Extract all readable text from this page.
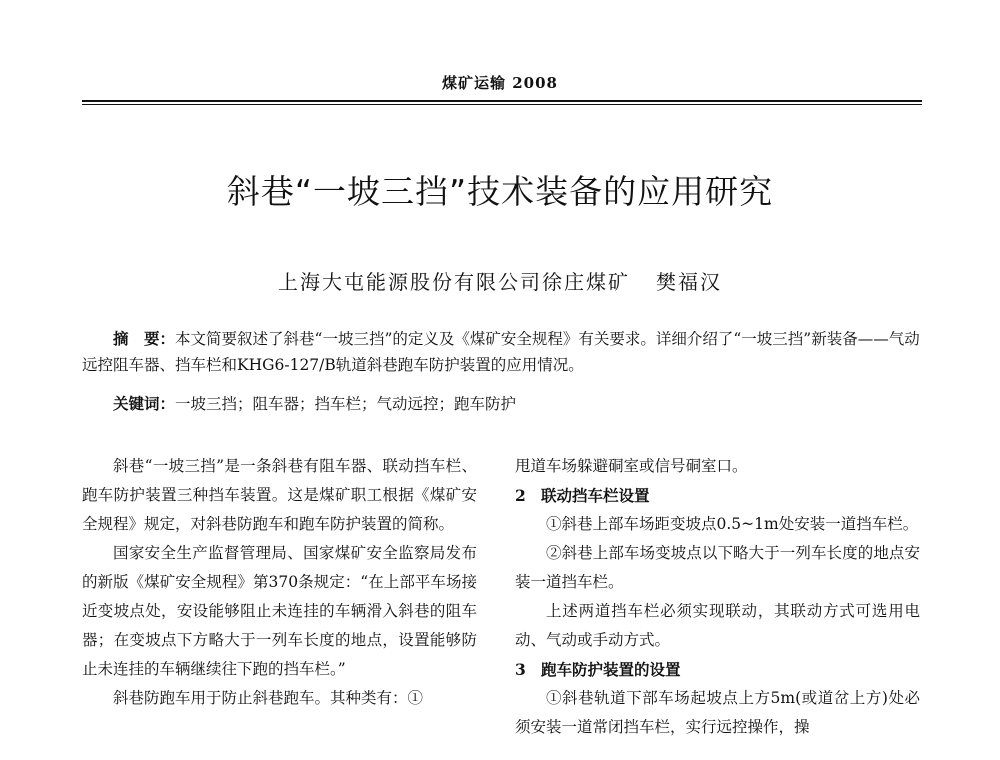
煤矿运输 2008
斜巷“一坡三挡”技术装备的应用研究
上海大屯能源股份有限公司徐庄煤矿 樊福汉
摘　要：本文简要叙述了斜巷“一坡三挡”的定义及《煤矿安全规程》有关要求。详细介绍了“一坡三挡”新装备——气动远控阻车器、挡车栏和KHG6-127/B轨道斜巷跑车防护装置的应用情况。
关键词：一坡三挡；阻车器；挡车栏；气动远控；跑车防护

斜巷“一坡三挡”是一条斜巷有阻车器、联动挡车栏、跑车防护装置三种挡车装置。这是煤矿职工根据《煤矿安全规程》规定，对斜巷防跑车和跑车防护装置的简称。

国家安全生产监督管理局、国家煤矿安全监察局发布的新版《煤矿安全规程》第370条规定：“在上部平车场接近变坡点处，安设能够阻止未连挂的车辆滑入斜巷的阻车器；在变坡点下方略大于一列车长度的地点，设置能够防止未连挂的车辆继续往下跑的挡车栏。”

斜巷防跑车用于防止斜巷跑车。其种类有：①

甩道车场躲避硐室或信号硐室口。

2 联动挡车栏设置

①斜巷上部车场距变坡点0.5~1m处安装一道挡车栏。

②斜巷上部车场变坡点以下略大于一列车长度的地点安装一道挡车栏。

上述两道挡车栏必须实现联动，其联动方式可选用电动、气动或手动方式。

3 跑车防护装置的设置

①斜巷轨道下部车场起坡点上方5m(或道岔上方)处必须安装一道常闭挡车栏，实行远控操作，操
